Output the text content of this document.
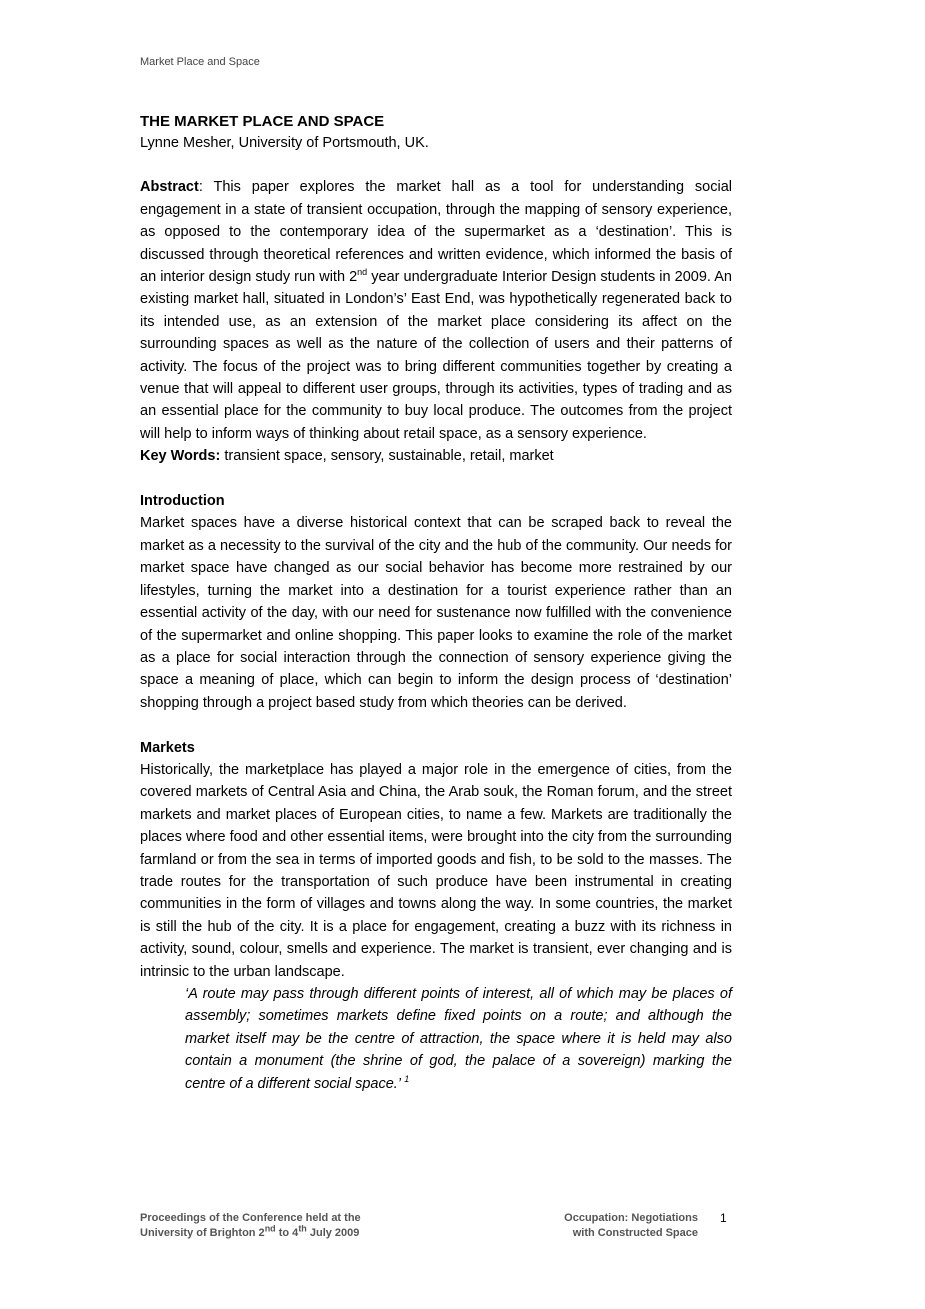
Market Place and Space
THE MARKET PLACE AND SPACE

Lynne Mesher, University of Portsmouth, UK.

Abstract: This paper explores the market hall as a tool for understanding social engagement in a state of transient occupation, through the mapping of sensory experience, as opposed to the contemporary idea of the supermarket as a ‘destination’. This is discussed through theoretical references and written evidence, which informed the basis of an interior design study run with 2nd year undergraduate Interior Design students in 2009. An existing market hall, situated in London’s’ East End, was hypothetically regenerated back to its intended use, as an extension of the market place considering its affect on the surrounding spaces as well as the nature of the collection of users and their patterns of activity. The focus of the project was to bring different communities together by creating a venue that will appeal to different user groups, through its activities, types of trading and as an essential place for the community to buy local produce. The outcomes from the project will help to inform ways of thinking about retail space, as a sensory experience.

Key Words: transient space, sensory, sustainable, retail, market

Introduction

Market spaces have a diverse historical context that can be scraped back to reveal the market as a necessity to the survival of the city and the hub of the community. Our needs for market space have changed as our social behavior has become more restrained by our lifestyles, turning the market into a destination for a tourist experience rather than an essential activity of the day, with our need for sustenance now fulfilled with the convenience of the supermarket and online shopping. This paper looks to examine the role of the market as a place for social interaction through the connection of sensory experience giving the space a meaning of place, which can begin to inform the design process of ‘destination’ shopping through a project based study from which theories can be derived.

Markets

Historically, the marketplace has played a major role in the emergence of cities, from the covered markets of Central Asia and China, the Arab souk, the Roman forum, and the street markets and market places of European cities, to name a few. Markets are traditionally the places where food and other essential items, were brought into the city from the surrounding farmland or from the sea in terms of imported goods and fish, to be sold to the masses. The trade routes for the transportation of such produce have been instrumental in creating communities in the form of villages and towns along the way. In some countries, the market is still the hub of the city. It is a place for engagement, creating a buzz with its richness in activity, sound, colour, smells and experience. The market is transient, ever changing and is intrinsic to the urban landscape.

‘A route may pass through different points of interest, all of which may be places of assembly; sometimes markets define fixed points on a route; and although the market itself may be the centre of attraction, the space where it is held may also contain a monument (the shrine of god, the palace of a sovereign) marking the centre of a different social space.’ $^1$

Proceedings of the Conference held at the
University of Brighton 2nd to 4th July 2009
Occupation: Negotiations
with Constructed Space
1
